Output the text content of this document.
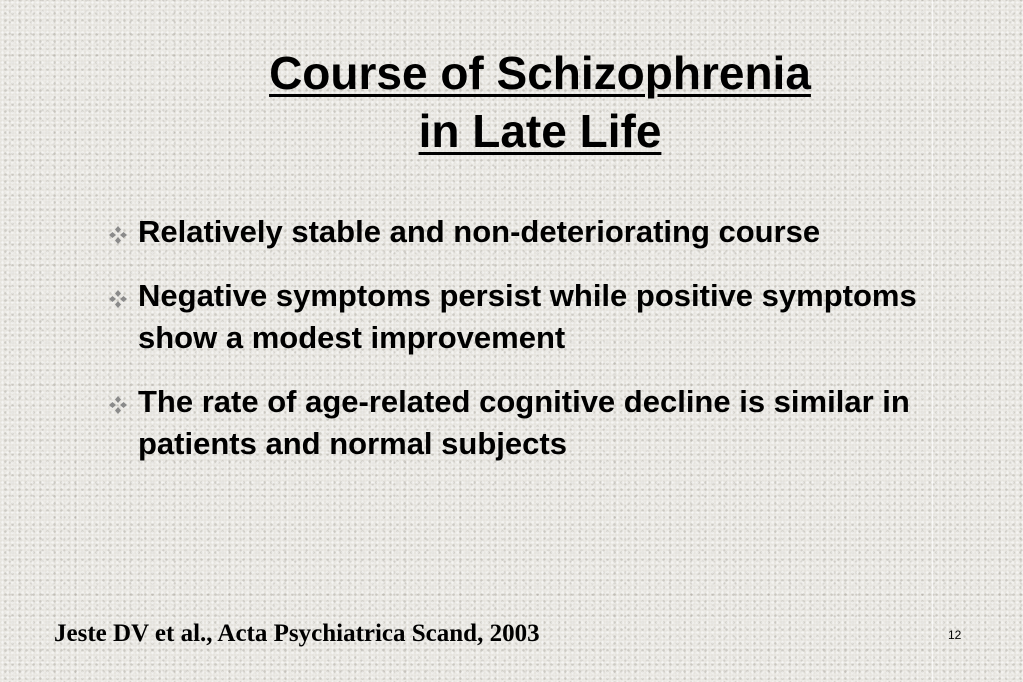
Course of Schizophrenia
in Late Life
Relatively stable and non-deteriorating course
Negative symptoms persist while positive symptoms show a modest improvement
The rate of age-related cognitive decline is similar in patients and normal subjects
Jeste DV et al., Acta Psychiatrica Scand, 2003	12
